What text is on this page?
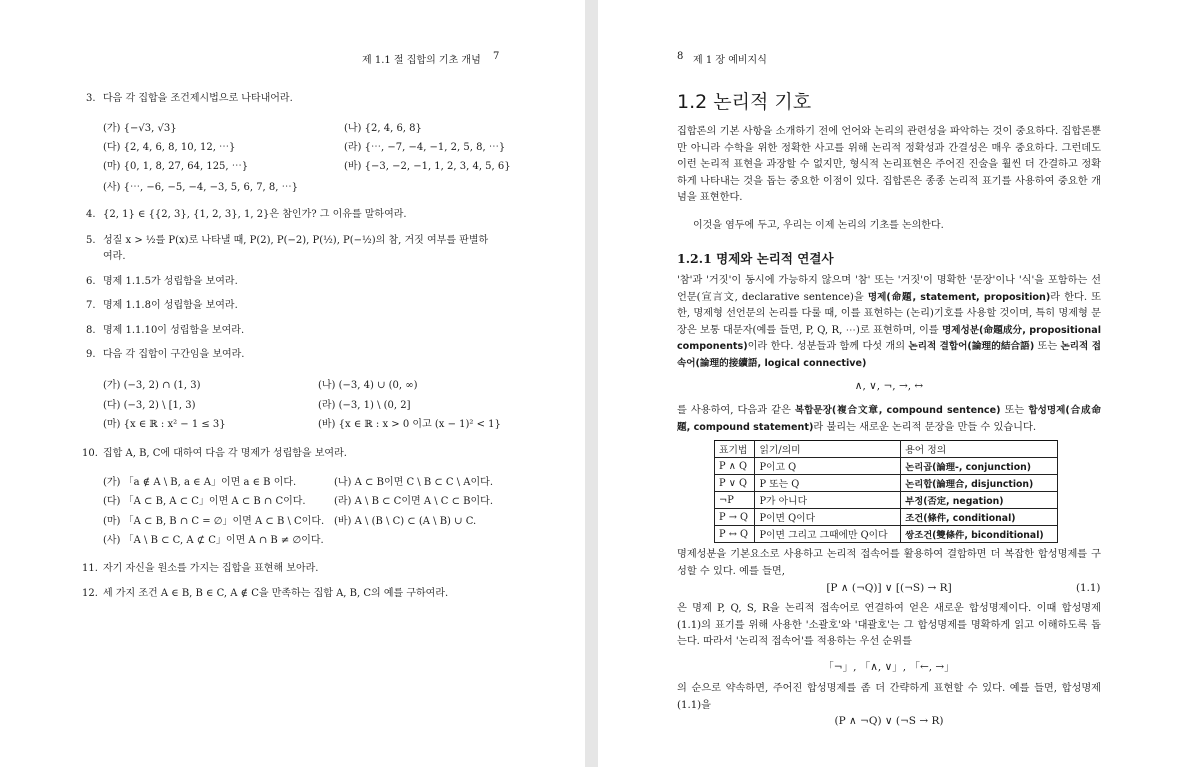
제 1.1 절 집합의 기초 개념 7
3. 다음 각 집합을 조건제시법으로 나타내어라.
(가) {−√3, √3}	(나) {2, 4, 6, 8}
(다) {2, 4, 6, 8, 10, 12, ⋯}	(라) {⋯, −7, −4, −1, 2, 5, 8, ⋯}
(마) {0, 1, 8, 27, 64, 125, ⋯}	(바) {−3, −2, −1, 1, 2, 3, 4, 5, 6}
(사) {⋯, −6, −5, −4, −3, 5, 6, 7, 8, ⋯}
4. {2, 1} ∈ {{2, 3}, {1, 2, 3}, 1, 2}은 참인가? 그 이유를 말하여라.
5. 성질 x > ½를 P(x)로 나타낼 때, P(2), P(−2), P(½), P(−½)의 참, 거짓 여부를 판별하
여라.
6. 명제 1.1.5가 성립함을 보여라.
7. 명제 1.1.8이 성립함을 보여라.
8. 명제 1.1.10이 성립함을 보여라.
9. 다음 각 집합이 구간임을 보여라.
(가) (−3, 2) ∩ (1, 3)	(나) (−3, 4) ∪ (0, ∞)
(다) (−3, 2) \ [1, 3)	(라) (−3, 1) \ (0, 2]
(마) {x ∈ ℝ : x² − 1 ≤ 3}	(바) {x ∈ ℝ : x > 0 이고 (x − 1)² < 1}
10. 집합 A, B, C에 대하여 다음 각 명제가 성립함을 보여라.
(가) 「a ∉ A \ B, a ∈ A」이면 a ∈ B 이다.	(나) A ⊂ B이면 C \ B ⊂ C \ A이다.
(다) 「A ⊂ B, A ⊂ C」이면 A ⊂ B ∩ C이다.	(라) A \ B ⊂ C이면 A \ C ⊂ B이다.
(마) 「A ⊂ B, B ∩ C = ∅」이면 A ⊂ B \ C이다. (바) A \ (B \ C) ⊂ (A \ B) ∪ C.
(사) 「A \ B ⊂ C, A ⊄ C」이면 A ∩ B ≠ ∅이다.
11. 자기 자신을 원소를 가지는 집합을 표현해 보아라.
12. 세 가지 조건 A ∈ B, B ∈ C, A ∉ C을 만족하는 집합 A, B, C의 예를 구하여라.
8 제 1 장 예비지식
1.2 논리적 기호
집합론의 기본 사항을 소개하기 전에 언어와 논리의 관련성을 파악하는 것이 중요하다. 집합론뿐만 아니라 수학을 위한 정확한 사고를 위해 논리적 정확성과 간결성은 매우 중요하다. 그런데도 이런 논리적 표현을 과장할 수 없지만, 형식적 논리표현은 주어진 진술을 훨씬 더 간결하고 정확하게 나타내는 것을 돕는 중요한 이점이 있다. 집합론은 종종 논리적 표기를 사용하여 중요한 개념을 표현한다.
이것을 염두에 두고, 우리는 이제 논리의 기초를 논의한다.
1.2.1 명제와 논리적 연결사
'참'과 '거짓'이 동시에 가능하지 않으며 '참' 또는 '거짓'이 명확한 '문장'이나 '식'을 포함하는 선언문(宣言文, declarative sentence)을 명제(命題, statement, proposition)라 한다. 또한, 명제형 선언문의 논리를 다룰 때, 이를 표현하는 (논리)기호를 사용할 것이며, 특히 명제형 문장은 보통 대문자(예를 들면, P, Q, R, ⋯)로 표현하며, 이를 명제성분(命題成分, propositional components)이라 한다. 성분들과 함께 다섯 개의 논리적 결합어(論理的結合語) 또는 논리적 접속어(論理的接續語, logical connective)
∧, ∨, ¬, →, ↔
를 사용하여, 다음과 같은 복합문장(複合文章, compound sentence) 또는 합성명제(合成命題, compound statement)라 불리는 새로운 논리적 문장을 만들 수 있습니다.
표기법	읽기/의미	용어 정의
P ∧ Q	P이고 Q	논리곱(論理-, conjunction)
P ∨ Q	P 또는 Q	논리합(論理合, disjunction)
¬P	P가 아니다	부정(否定, negation)
P → Q	P이면 Q이다	조건(條件, conditional)
P ↔ Q	P이면 그리고 그때에만 Q이다	쌍조건(雙條件, biconditional)
명제성분을 기본요소로 사용하고 논리적 접속어를 활용하여 결합하면 더 복잡한 합성명제를 구성할 수 있다. 예를 들면,
[P ∧ (¬Q)] ∨ [(¬S) → R]	(1.1)
은 명제 P, Q, S, R을 논리적 접속어로 연결하여 얻은 새로운 합성명제이다. 이때 합성명제 (1.1)의 표기를 위해 사용한 '소괄호'와 '대괄호'는 그 합성명제를 명확하게 읽고 이해하도록 돕는다. 따라서 '논리적 접속어'를 적용하는 우선 순위를
「¬」, 「∧, ∨」, 「←, →」
의 순으로 약속하면, 주어진 합성명제를 좀 더 간략하게 표현할 수 있다. 예를 들면, 합성명제 (1.1)을
(P ∧ ¬Q) ∨ (¬S → R)
